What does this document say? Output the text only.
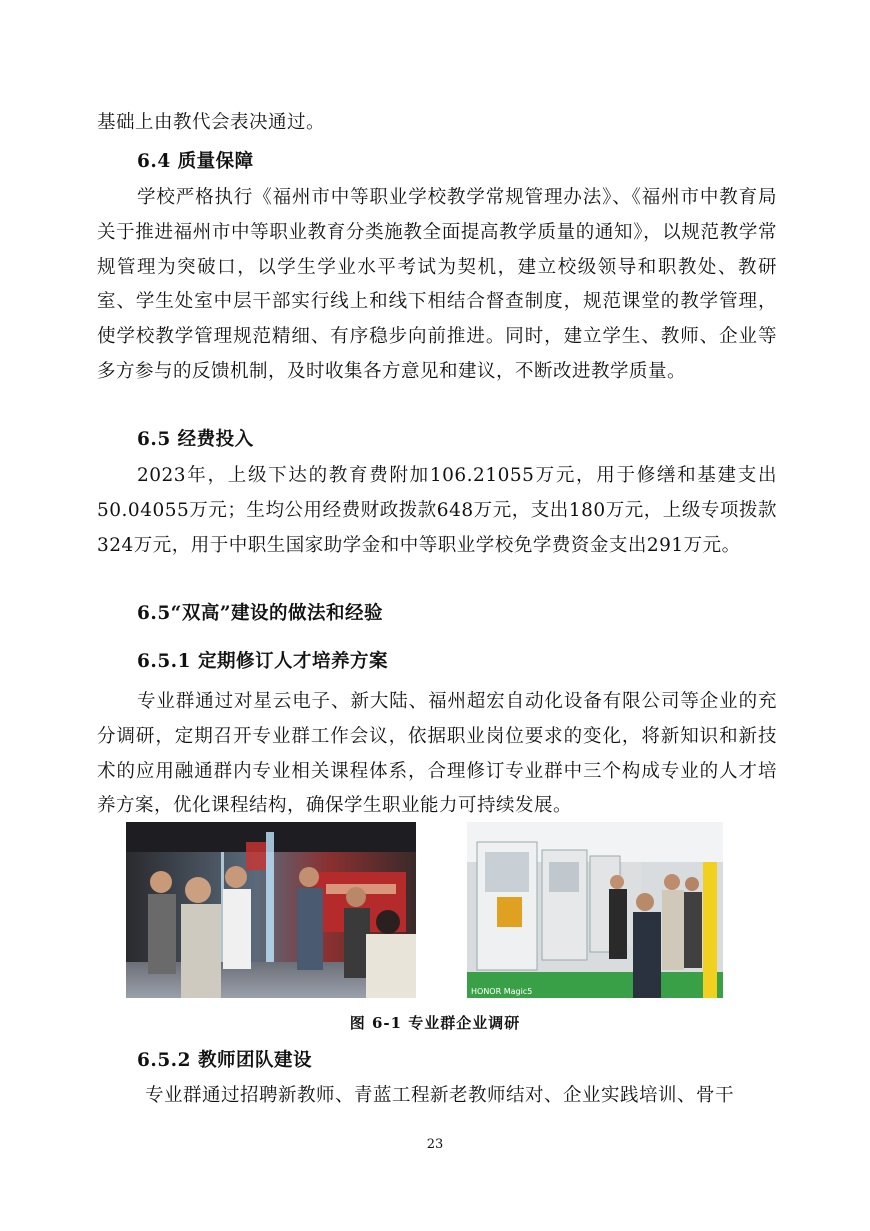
基础上由教代会表决通过。

6.4 质量保障

学校严格执行《福州市中等职业学校教学常规管理办法》、《福州市中教育局关于推进福州市中等职业教育分类施教全面提高教学质量的通知》，以规范教学常规管理为突破口，以学生学业水平考试为契机，建立校级领导和职教处、教研室、学生处室中层干部实行线上和线下相结合督查制度，规范课堂的教学管理，使学校教学管理规范精细、有序稳步向前推进。同时，建立学生、教师、企业等多方参与的反馈机制，及时收集各方意见和建议，不断改进教学质量。

6.5 经费投入

2023年，上级下达的教育费附加106.21055万元，用于修缮和基建支出50.04055万元；生均公用经费财政拨款648万元，支出180万元，上级专项拨款324万元，用于中职生国家助学金和中等职业学校免学费资金支出291万元。

6.5“双高”建设的做法和经验

6.5.1 定期修订人才培养方案

专业群通过对星云电子、新大陆、福州超宏自动化设备有限公司等企业的充分调研，定期召开专业群工作会议，依据职业岗位要求的变化，将新知识和新技术的应用融通群内专业相关课程体系，合理修订专业群中三个构成专业的人才培养方案，优化课程结构，确保学生职业能力可持续发展。

HONOR Magic5

图 6-1 专业群企业调研

6.5.2 教师团队建设

专业群通过招聘新教师、青蓝工程新老教师结对、企业实践培训、骨干

23
